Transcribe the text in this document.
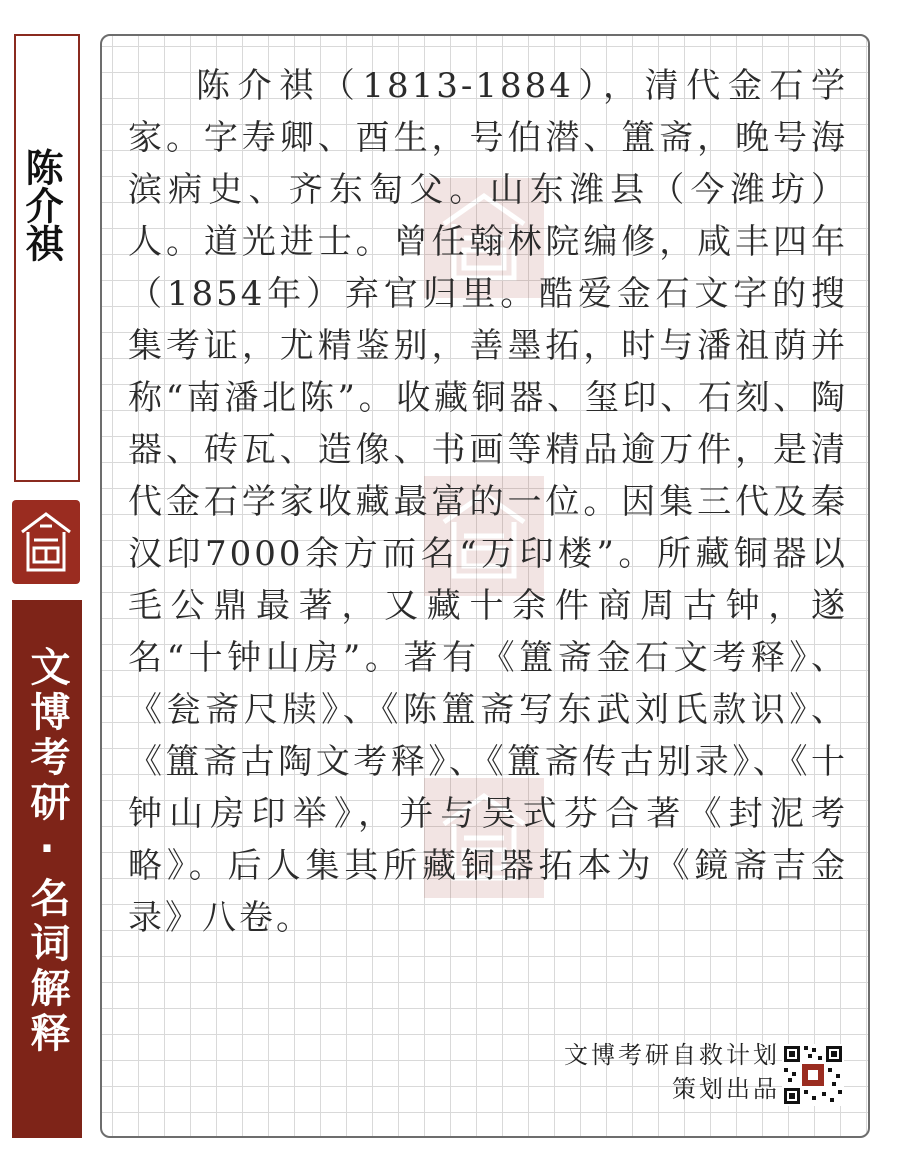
陈介祺
文博考研·名词解释

陈介祺（1813-1884），清代金石学家。字寿卿、酉生，号伯潜、簠斋，晚号海滨病史、齐东匋父。山东潍县（今潍坊）人。道光进士。曾任翰林院编修，咸丰四年（1854年）弃官归里。酷爱金石文字的搜集考证，尤精鉴别，善墨拓，时与潘祖荫并称“南潘北陈”。收藏铜器、玺印、石刻、陶器、砖瓦、造像、书画等精品逾万件，是清代金石学家收藏最富的一位。因集三代及秦汉印7000余方而名“万印楼”。所藏铜器以毛公鼎最著，又藏十余件商周古钟，遂名“十钟山房”。著有《簠斋金石文考释》、《瓮斋尺牍》、《陈簠斋写东武刘氏款识》、《簠斋古陶文考释》、《簠斋传古别录》、《十钟山房印举》，并与吴式芬合著《封泥考略》。后人集其所藏铜器拓本为《鏡斋吉金录》八卷。

文博考研自救计划
策划出品
